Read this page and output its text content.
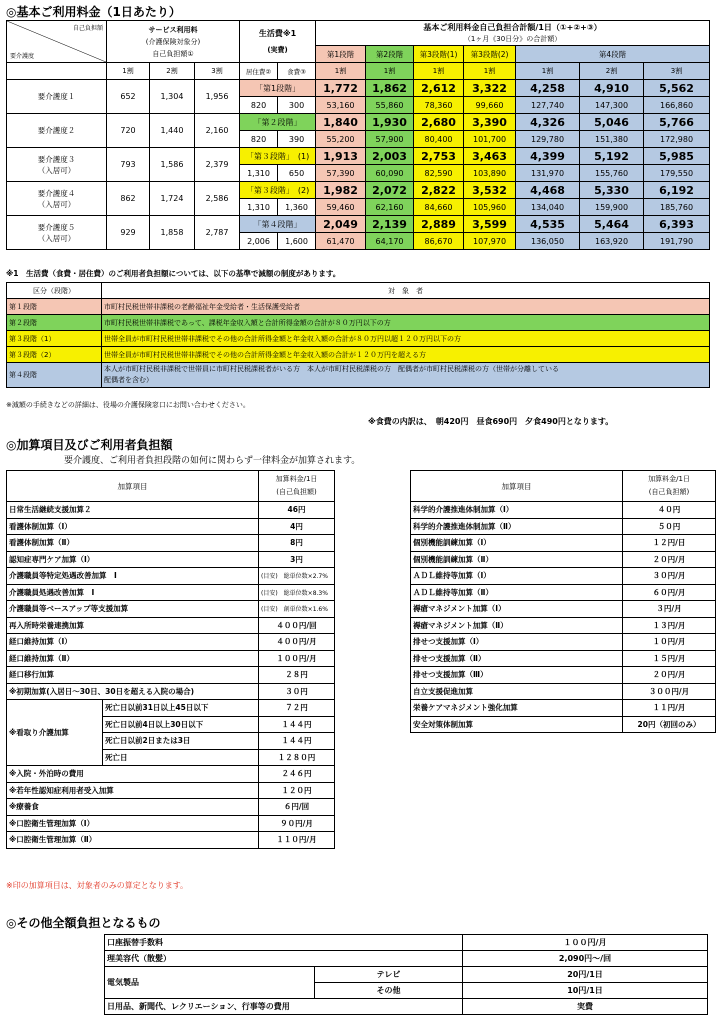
◎基本ご利用料金（1日あたり）
自己負担額
要介護度	サービス利用料
(介護保険対象分)
自己負担額①			生活費※1
(実費)		基本ご利用料金自己負担合計額/1日（①+②+③）
（1ヶ月《30日分》の合計額）						
						第1段階	第2段階	第3段階(1)	第3段階(2)	第4段階		
	1割	2割	3割	居住費②	食費③	1割	1割	1割	1割	1割	2割	3割
要介護度１	652	1,304	1,956	「第1段階」		1,772	1,862	2,612	3,322	4,258	4,910	5,562
				820	300	53,160	55,860	78,360	99,660	127,740	147,300	166,860
要介護度２	720	1,440	2,160	「第２段階」		1,840	1,930	2,680	3,390	4,326	5,046	5,766
				820	390	55,200	57,900	80,400	101,700	129,780	151,380	172,980
要介護度３
（入居可）	793	1,586	2,379	「第３段階」　(1)		1,913	2,003	2,753	3,463	4,399	5,192	5,985
				1,310	650	57,390	60,090	82,590	103,890	131,970	155,760	179,550
要介護度４
（入居可）	862	1,724	2,586	「第３段階」　(2)		1,982	2,072	2,822	3,532	4,468	5,330	6,192
				1,310	1,360	59,460	62,160	84,660	105,960	134,040	159,900	185,760
要介護度５
（入居可）	929	1,858	2,787	「第４段階」		2,049	2,139	2,889	3,599	4,535	5,464	6,393
				2,006	1,600	61,470	64,170	86,670	107,970	136,050	163,920	191,790
※1　生活費（食費・居住費）のご利用者負担額については、以下の基準で減額の制度があります。
区分（段階）	対　象　者
第１段階	市町村民税世帯非課税の老齢福祉年金受給者・生活保護受給者
第２段階	市町村民税世帯非課税であって、課税年金収入額と合計所得金額の合計が８０万円以下の方
第３段階（1）	世帯全員が市町村民税世帯非課税でその他の合計所得金額と年金収入額の合計が８０万円以超１２０万円以下の方
第３段階（2）	世帯全員が市町村民税世帯非課税でその他の合計所得金額と年金収入額の合計が１２０万円を超える方
第４段階	本人が市町村民税非課税で世帯員に市町村民税課税者がいる方　本人が市町村民税課税の方　配偶者が市町村民税課税の方（世帯が分離している
配偶者を含む）
※減額の手続きなどの詳細は、役場の介護保険窓口にお問い合わせください。
※食費の内訳は、　朝420円　昼食690円　夕食490円となります。
◎加算項目及びご利用者負担額
要介護度、ご利用者負担段階の如何に関わらず一律料金が加算されます。
加算項目		加算料金/1日
(自己負担額)
日常生活継続支援加算２		46円
看護体制加算（Ⅰ）		4円
看護体制加算（Ⅱ）		8円
認知症専門ケア加算（Ⅰ）		3円
介護職員等特定処遇改善加算　Ⅰ		(目安)　総単位数×2.7%
介護職員処遇改善加算　Ⅰ		(目安)　総単位数×8.3%
介護職員等ベースアップ等支援加算		(目安)　創単位数×1.6%
再入所時栄養連携加算		４００円/回
経口維持加算（Ⅰ）		４００円/月
経口維持加算（Ⅱ）		１００円/月
経口移行加算		２８円
※初期加算(入居日～30日、30日を超える入院の場合)		３０円
※看取り介護加算	死亡日以前31日以上45日以下	７２円
	死亡日以前4日以上30日以下	１４４円
	死亡日以前2日または3日	１４４円
	死亡日	１２８０円
※入院・外泊時の費用		２４６円
※若年性認知症利用者受入加算		１２０円
※療養食		６円/回
※口腔衛生管理加算（Ⅰ）		９０円/月
※口腔衛生管理加算（Ⅱ）		１１０円/月
加算項目	加算料金/1日
(自己負担額)
科学的介護推進体制加算（Ⅰ）	４０円
科学的介護推進体制加算（Ⅱ）	５０円
個別機能訓練加算（Ⅰ）	１２円/日
個別機能訓練加算（Ⅱ）	２０円/月
ＡＤＬ維持等加算（Ⅰ）	３０円/月
ＡＤＬ維持等加算（Ⅱ）	６０円/月
褥瘡マネジメント加算（Ⅰ）	３円/月
褥瘡マネジメント加算（Ⅱ）	１３円/月
排せつ支援加算（Ⅰ）	１０円/月
排せつ支援加算（Ⅱ）	１５円/月
排せつ支援加算（Ⅲ）	２０円/月
自立支援促進加算	３００円/月
栄養ケアマネジメント強化加算	１１円/月
安全対策体制加算	20円（初回のみ）
※印の加算項目は、対象者のみの算定となります。
◎その他全額負担となるもの
口座振替手数料		１００円/月
理美容代（散髪）		2,090円～/回
電気製品	テレビ	20円/1日
	その他	10円/1日
日用品、新聞代、レクリエーション、行事等の費用		実費
